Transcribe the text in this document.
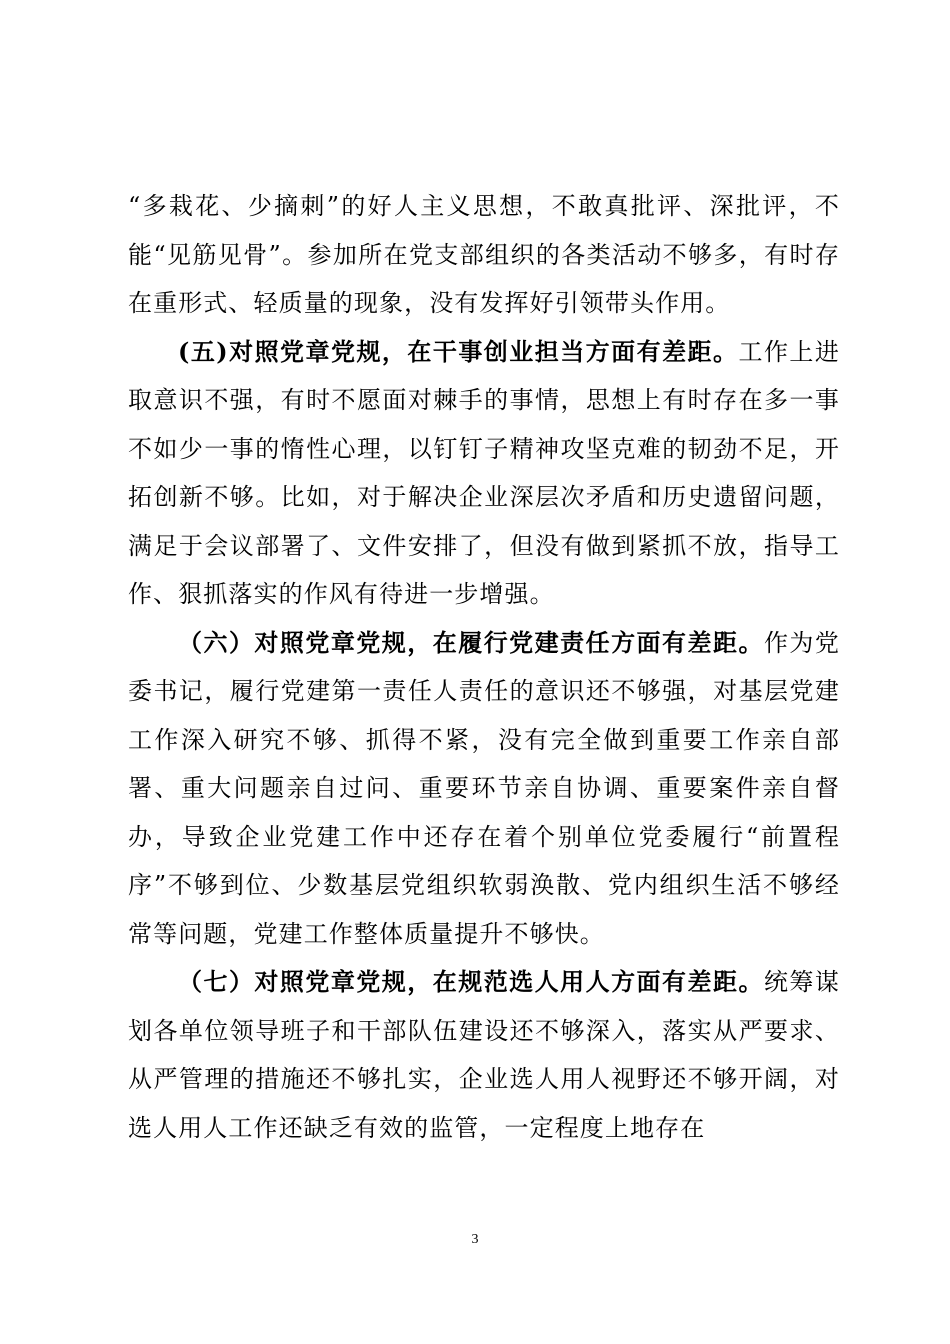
“多栽花、少摘刺”的好人主义思想，不敢真批评、深批评，不能“见筋见骨”。参加所在党支部组织的各类活动不够多，有时存在重形式、轻质量的现象，没有发挥好引领带头作用。

(五)对照党章党规，在干事创业担当方面有差距。工作上进取意识不强，有时不愿面对棘手的事情，思想上有时存在多一事不如少一事的惰性心理，以钉钉子精神攻坚克难的韧劲不足，开拓创新不够。比如，对于解决企业深层次矛盾和历史遗留问题，满足于会议部署了、文件安排了，但没有做到紧抓不放，指导工作、狠抓落实的作风有待进一步增强。

（六）对照党章党规，在履行党建责任方面有差距。作为党委书记，履行党建第一责任人责任的意识还不够强，对基层党建工作深入研究不够、抓得不紧，没有完全做到重要工作亲自部署、重大问题亲自过问、重要环节亲自协调、重要案件亲自督办，导致企业党建工作中还存在着个别单位党委履行“前置程序”不够到位、少数基层党组织软弱涣散、党内组织生活不够经常等问题，党建工作整体质量提升不够快。

（七）对照党章党规，在规范选人用人方面有差距。统筹谋划各单位领导班子和干部队伍建设还不够深入，落实从严要求、从严管理的措施还不够扎实，企业选人用人视野还不够开阔，对选人用人工作还缺乏有效的监管，一定程度上地存在

3
